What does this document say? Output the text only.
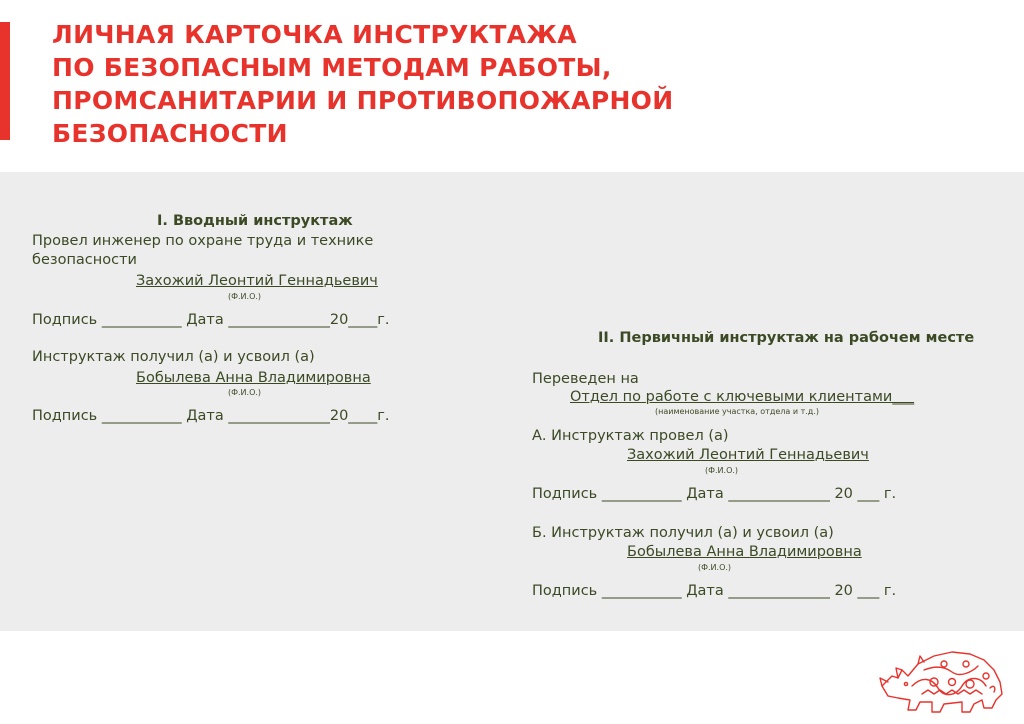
ЛИЧНАЯ КАРТОЧКА ИНСТРУКТАЖА
ПО БЕЗОПАСНЫМ МЕТОДАМ РАБОТЫ,
ПРОМСАНИТАРИИ И ПРОТИВОПОЖАРНОЙ
БЕЗОПАСНОСТИ
I. Вводный инструктаж
Провел инженер по охране труда и технике
безопасности
Захожий Леонтий Геннадьевич
(Ф.И.О.)
Подпись ___________ Дата ______________20____г.
Инструктаж получил (а) и усвоил (а)
Бобылева Анна Владимировна
(Ф.И.О.)
Подпись ___________ Дата ______________20____г.
II. Первичный инструктаж на рабочем месте
Переведен на
Отдел по работе с ключевыми клиентами___
(наименование участка, отдела и т.д.)
А. Инструктаж провел (а)
Захожий Леонтий Геннадьевич
(Ф.И.О.)
Подпись ___________ Дата ______________ 20 ___ г.
Б. Инструктаж получил (а) и усвоил (а)
Бобылева Анна Владимировна
(Ф.И.О.)
Подпись ___________ Дата ______________ 20 ___ г.
